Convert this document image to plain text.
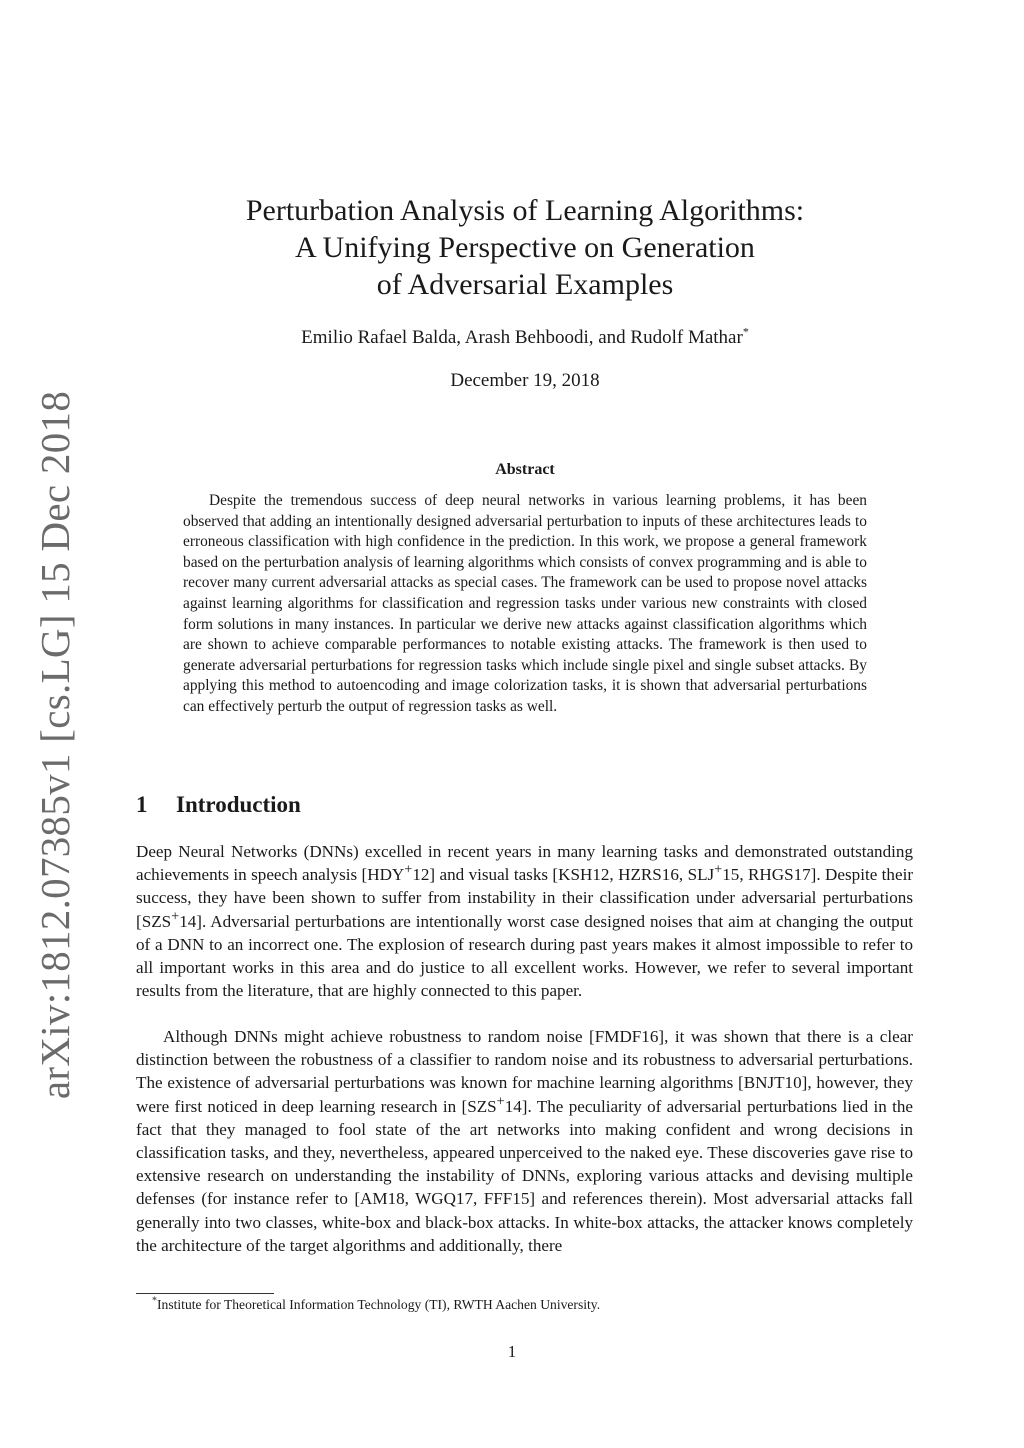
arXiv:1812.07385v1 [cs.LG] 15 Dec 2018
Perturbation Analysis of Learning Algorithms:
A Unifying Perspective on Generation
of Adversarial Examples
Emilio Rafael Balda, Arash Behboodi, and Rudolf Mathar*
December 19, 2018
Abstract
Despite the tremendous success of deep neural networks in various learning problems, it has been observed that adding an intentionally designed adversarial perturbation to inputs of these architectures leads to erroneous classification with high confidence in the prediction. In this work, we propose a general framework based on the perturbation analysis of learning algorithms which consists of convex programming and is able to recover many current adversarial attacks as special cases. The framework can be used to propose novel attacks against learning algorithms for classification and regression tasks under various new constraints with closed form solutions in many instances. In particular we derive new attacks against classification algorithms which are shown to achieve comparable performances to notable existing attacks. The framework is then used to generate adversarial perturbations for regression tasks which include single pixel and single subset attacks. By applying this method to autoencoding and image colorization tasks, it is shown that adversarial perturbations can effectively perturb the output of regression tasks as well.
1 Introduction

Deep Neural Networks (DNNs) excelled in recent years in many learning tasks and demonstrated outstanding achievements in speech analysis [HDY+12] and visual tasks [KSH12, HZRS16, SLJ+15, RHGS17]. Despite their success, they have been shown to suffer from instability in their classification under adversarial perturbations [SZS+14]. Adversarial perturbations are intentionally worst case designed noises that aim at changing the output of a DNN to an incorrect one. The explosion of research during past years makes it almost impossible to refer to all important works in this area and do justice to all excellent works. However, we refer to several important results from the literature, that are highly connected to this paper.

Although DNNs might achieve robustness to random noise [FMDF16], it was shown that there is a clear distinction between the robustness of a classifier to random noise and its robustness to adversarial perturbations. The existence of adversarial perturbations was known for machine learning algorithms [BNJT10], however, they were first noticed in deep learning research in [SZS+14]. The peculiarity of adversarial perturbations lied in the fact that they managed to fool state of the art networks into making confident and wrong decisions in classification tasks, and they, nevertheless, appeared unperceived to the naked eye. These discoveries gave rise to extensive research on understanding the instability of DNNs, exploring various attacks and devising multiple defenses (for instance refer to [AM18, WGQ17, FFF15] and references therein). Most adversarial attacks fall generally into two classes, white-box and black-box attacks. In white-box attacks, the attacker knows completely the architecture of the target algorithms and additionally, there

*Institute for Theoretical Information Technology (TI), RWTH Aachen University.
1
